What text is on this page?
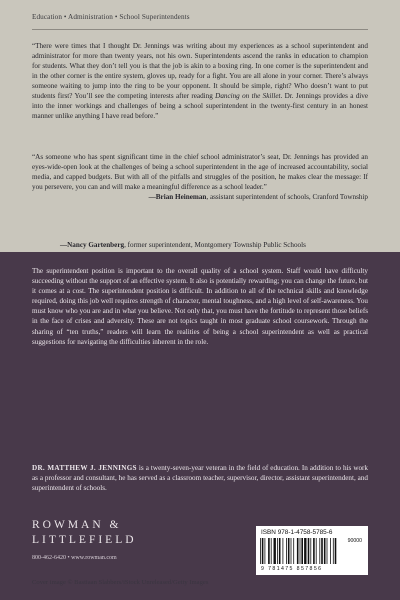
Education • Administration • School Superintendents
“There were times that I thought Dr. Jennings was writing about my experiences as a school superintendent and administrator for more than twenty years, not his own. Superintendents ascend the ranks in education to champion for students. What they don’t tell you is that the job is akin to a boxing ring. In one corner is the superintendent and in the other corner is the entire system, gloves up, ready for a fight. You are all alone in your corner. There’s always someone waiting to jump into the ring to be your opponent. It should be simple, right? Who doesn’t want to put students first? You’ll see the competing interests after reading Dancing on the Skillet. Dr. Jennings provides a dive into the inner workings and challenges of being a school superintendent in the twenty-first century in an honest manner unlike anything I have read before.”
—Nancy Gartenberg, former superintendent, Montgomery Township Public Schools
“As someone who has spent significant time in the chief school administrator’s seat, Dr. Jennings has provided an eyes-wide-open look at the challenges of being a school superintendent in the age of increased accountability, social media, and capped budgets. But with all of the pitfalls and struggles of the position, he makes clear the message: If you persevere, you can and will make a meaningful difference as a school leader.”
—Brian Heineman, assistant superintendent of schools, Cranford Township
The superintendent position is important to the overall quality of a school system. Staff would have difficulty succeeding without the support of an effective system. It also is potentially rewarding; you can change the future, but it comes at a cost. The superintendent position is difficult. In addition to all of the technical skills and knowledge required, doing this job well requires strength of character, mental toughness, and a high level of self-awareness. You must know who you are and in what you believe. Not only that, you must have the fortitude to represent those beliefs in the face of crises and adversity. These are not topics taught in most graduate school coursework. Through the sharing of “ten truths,” readers will learn the realities of being a school superintendent as well as practical suggestions for navigating the difficulties inherent in the role.
DR. MATTHEW J. JENNINGS is a twenty-seven-year veteran in the field of education. In addition to his work as a professor and consultant, he has served as a classroom teacher, supervisor, director, assistant superintendent, and superintendent of schools.
ROWMAN &
LITTLEFIELD
800-462-6420 • www.rowman.com
ISBN 978-1-4758-5785-6
90000
9 781475 857856
Cover image © Bastiaan Slabbers/iStock Unreleased/Getty Images
